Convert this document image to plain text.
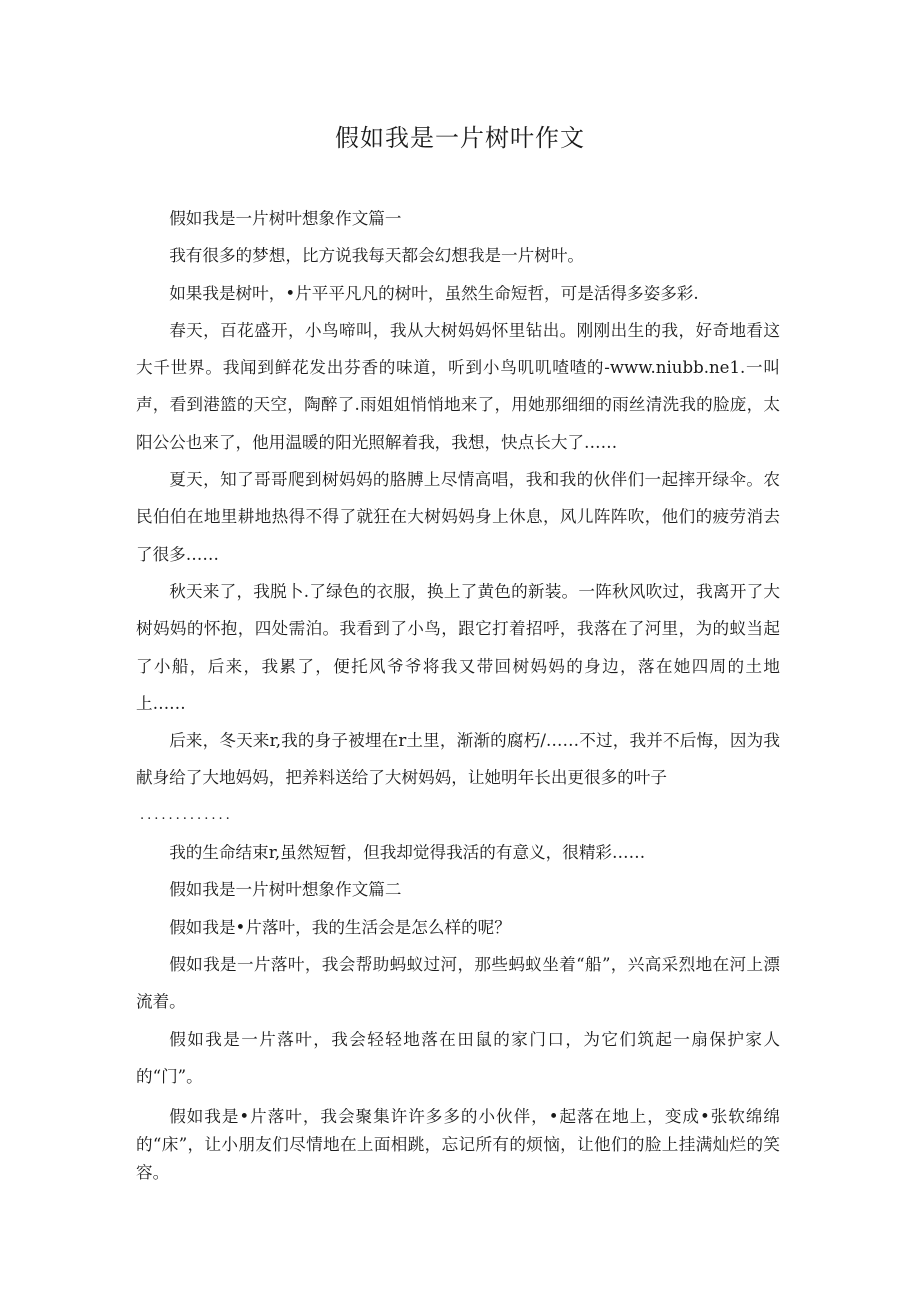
假如我是一片树叶作文

假如我是一片树叶想象作文篇一

我有很多的梦想，比方说我每天都会幻想我是一片树叶。

如果我是树叶，•片平平凡凡的树叶，虽然生命短哲，可是活得多姿多彩.

春天，百花盛开，小鸟啼叫，我从大树妈妈怀里钻出。刚刚出生的我，好奇地看这大千世界。我闻到鲜花发出芬香的味道，听到小鸟叽叽喳喳的-www.niubb.ne1.一叫声，看到港篮的天空，陶醉了.雨姐姐悄悄地来了，用她那细细的雨丝清洗我的脸庞，太阳公公也来了，他用温暖的阳光照解着我，我想，快点长大了……

夏天，知了哥哥爬到树妈妈的胳膊上尽情高唱，我和我的伙伴们一起摔开绿伞。农民伯伯在地里耕地热得不得了就狂在大树妈妈身上休息，风儿阵阵吹，他们的疲劳消去了很多……

秋天来了，我脱卜.了绿色的衣服，换上了黄色的新装。一阵秋风吹过，我离开了大树妈妈的怀抱，四处需泊。我看到了小鸟，跟它打着招呼，我落在了河里，为的蚁当起了小船，后来，我累了，便托风爷爷将我又带回树妈妈的身边，落在她四周的土地上……

后来，冬天来r,我的身子被埋在r土里，渐渐的腐朽/……不过，我并不后悔，因为我献身给了大地妈妈，把养料送给了大树妈妈，让她明年长出更很多的叶子

.............

我的生命结束r,虽然短暂，但我却觉得我活的有意义，很精彩……

假如我是一片树叶想象作文篇二

假如我是•片落叶，我的生活会是怎么样的呢？

假如我是一片落叶，我会帮助蚂蚁过河，那些蚂蚁坐着“船”，兴高采烈地在河上漂流着。

假如我是一片落叶，我会轻轻地落在田鼠的家门口，为它们筑起一扇保护家人的“门”。

假如我是•片落叶，我会聚集许许多多的小伙伴，•起落在地上，变成•张软绵绵的“床”，让小朋友们尽情地在上面相跳，忘记所有的烦恼，让他们的脸上挂满灿烂的笑容。
